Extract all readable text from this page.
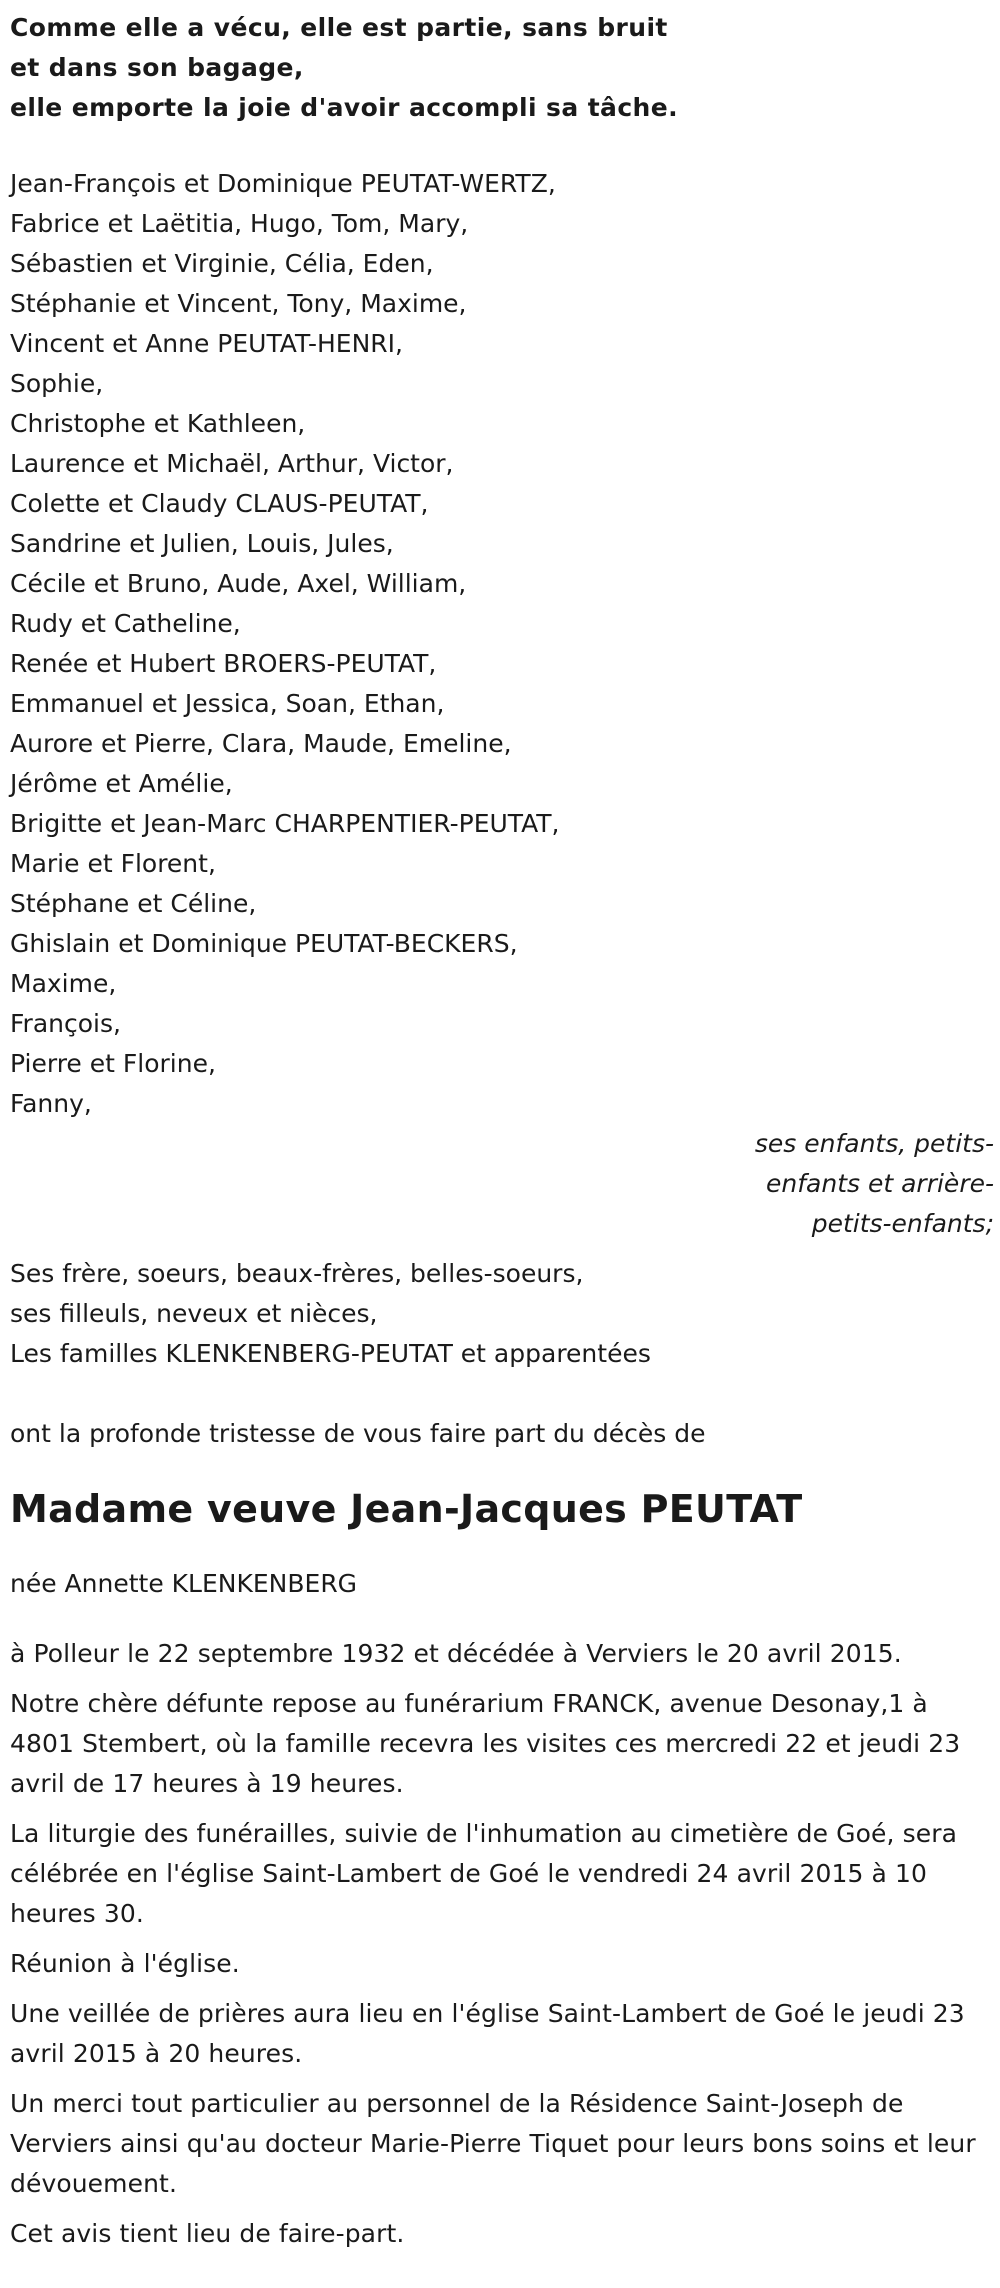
Comme elle a vécu, elle est partie, sans bruit
et dans son bagage,
elle emporte la joie d'avoir accompli sa tâche.
Jean-François et Dominique PEUTAT-WERTZ,
Fabrice et Laëtitia, Hugo, Tom, Mary,
Sébastien et Virginie, Célia, Eden,
Stéphanie et Vincent, Tony, Maxime,
Vincent et Anne PEUTAT-HENRI,
Sophie,
Christophe et Kathleen,
Laurence et Michaël, Arthur, Victor,
Colette et Claudy CLAUS-PEUTAT,
Sandrine et Julien, Louis, Jules,
Cécile et Bruno, Aude, Axel, William,
Rudy et Catheline,
Renée et Hubert BROERS-PEUTAT,
Emmanuel et Jessica, Soan, Ethan,
Aurore et Pierre, Clara, Maude, Emeline,
Jérôme et Amélie,
Brigitte et Jean-Marc CHARPENTIER-PEUTAT,
Marie et Florent,
Stéphane et Céline,
Ghislain et Dominique PEUTAT-BECKERS,
Maxime,
François,
Pierre et Florine,
Fanny,
ses enfants, petits-
enfants et arrière-
petits-enfants;
Ses frère, soeurs, beaux-frères, belles-soeurs,
ses filleuls, neveux et nièces,
Les familles KLENKENBERG-PEUTAT et apparentées
ont la profonde tristesse de vous faire part du décès de
Madame veuve Jean-Jacques PEUTAT
née Annette KLENKENBERG

à Polleur le 22 septembre 1932 et décédée à Verviers le 20 avril 2015.

Notre chère défunte repose au funérarium FRANCK, avenue Desonay,1 à 4801 Stembert, où la famille recevra les visites ces mercredi 22 et jeudi 23 avril de 17 heures à 19 heures.

La liturgie des funérailles, suivie de l'inhumation au cimetière de Goé, sera célébrée en l'église Saint-Lambert de Goé le vendredi 24 avril 2015 à 10 heures 30.

Réunion à l'église.

Une veillée de prières aura lieu en l'église Saint-Lambert de Goé le jeudi 23 avril 2015 à 20 heures.

Un merci tout particulier au personnel de la Résidence Saint-Joseph de Verviers ainsi qu'au docteur Marie-Pierre Tiquet pour leurs bons soins et leur dévouement.

Cet avis tient lieu de faire-part.
